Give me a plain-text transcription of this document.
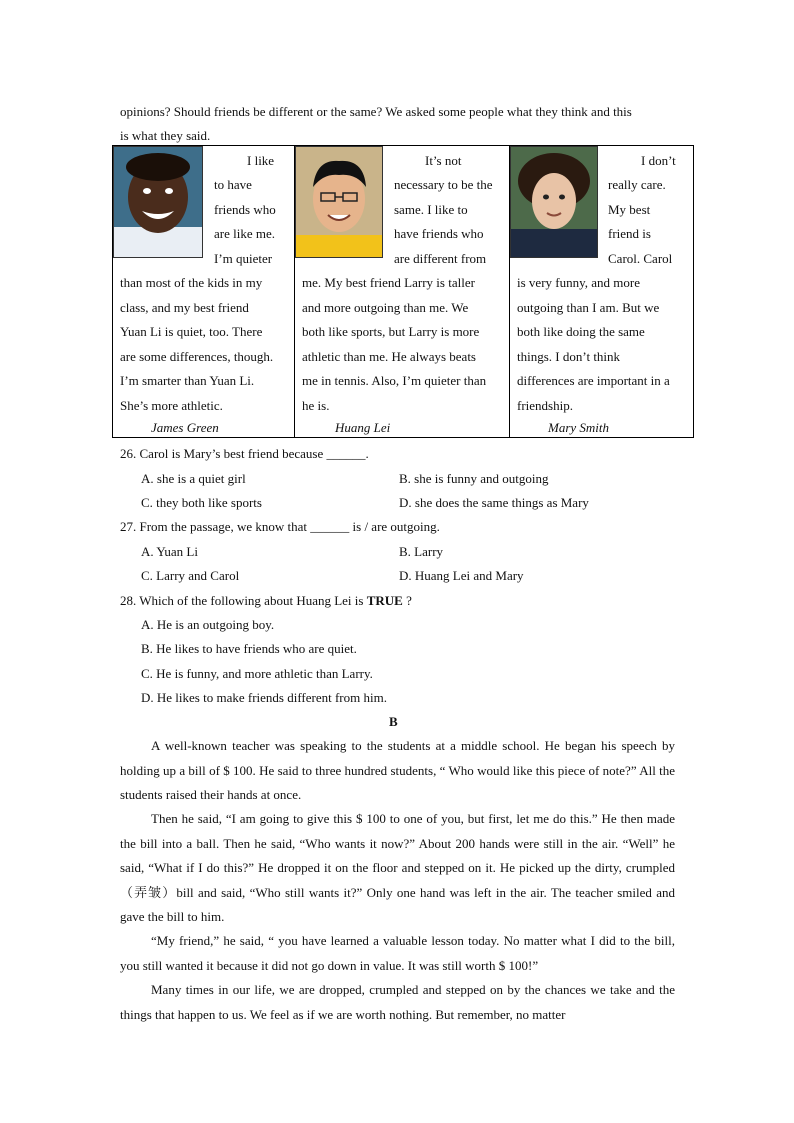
opinions? Should friends be different or the same? We asked some people what they think and this
is what they said.
I like
to have
friends who
are like me.
I’m quieter
than most of the kids in my
class, and my best friend
Yuan Li is quiet, too. There
are some differences, though.
I’m smarter than Yuan Li.
She’s more athletic.
James Green
It’s not
necessary to be the
same. I like to
have friends who
are different from
me. My best friend Larry is taller
and more outgoing than me. We
both like sports, but Larry is more
athletic than me. He always beats
me in tennis. Also, I’m quieter than
he is.
Huang Lei
I don’t
really care.
My best
friend is
Carol. Carol
is very funny, and more
outgoing than I am. But we
both like doing the same
things. I don’t think
differences are important in a
friendship.
Mary Smith
26. Carol is Mary’s best friend because ______.
A. she is a quiet girl	B. she is funny and outgoing
C. they both like sports	D. she does the same things as Mary
27. From the passage, we know that ______ is / are outgoing.
A. Yuan Li	B. Larry
C. Larry and Carol	D. Huang Lei and Mary
28. Which of the following about Huang Lei is TRUE ?
A. He is an outgoing boy.
B. He likes to have friends who are quiet.
C. He is funny, and more athletic than Larry.
D. He likes to make friends different from him.
B
A well-known teacher was speaking to the students at a middle school. He began his speech by holding up a bill of $ 100. He said to three hundred students, “ Who would like this piece of note?” All the students raised their hands at once.
Then he said, “I am going to give this $ 100 to one of you, but first, let me do this.” He then made the bill into a ball. Then he said, “Who wants it now?” About 200 hands were still in the air. “Well” he said, “What if I do this?” He dropped it on the floor and stepped on it. He picked up the dirty, crumpled（弄皱）bill and said, “Who still wants it?” Only one hand was left in the air. The teacher smiled and gave the bill to him.
“My friend,” he said, “ you have learned a valuable lesson today. No matter what I did to the bill, you still wanted it because it did not go down in value. It was still worth $ 100!”
Many times in our life, we are dropped, crumpled and stepped on by the chances we take and the things that happen to us. We feel as if we are worth nothing. But remember, no matter
